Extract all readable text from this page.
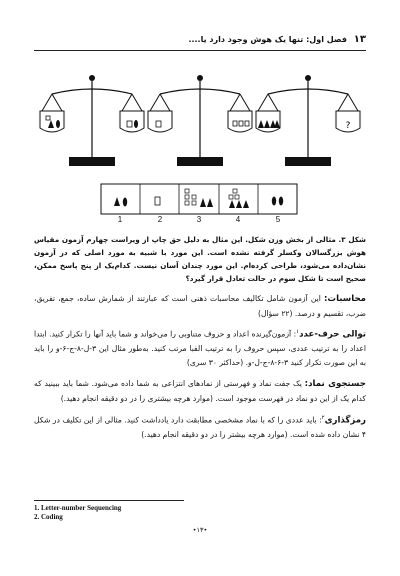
۱۳ فصل اول: تنها یک هوش وجود دارد یا....
?
1	2	3	4	5
شکل ۳. مثالی از بخش وزن شکل. این مثال به دلیل حق چاپ از ویراست چهارم آزمون مقیاس هوش بزرگسالان وکسلر گرفته نشده است. این مورد با شبیه به مورد اصلی که در آزمون نشان‌داده می‌شود، طراحی کرده‌ام. این مورد چندان آسان نیست. کدام‌یک از پنج پاسخ ممکن، صحیح است تا شکل سوم در حالت تعادل قرار گیرد؟
محاسبات: این آزمون شامل تکالیف محاسبات ذهنی است که عبارتند از شمارش ساده، جمع، تفریق، ضرب، تقسیم و درصد. (۲۲ سؤال)
توالی حرف-عدد$^۱$: آزمون‌گیرنده اعداد و حروف متناوبی را می‌خواند و شما باید آنها را تکرار کنید. ابتدا اعداد را به ترتیب عددی، سپس حروف را به ترتیب الفبا مرتب کنید. به‌طور مثال این ۳-ل-۸-ج-۶-و را باید به این صورت تکرار کنید ۳-۶-۸-ج-ل-و. (حداکثر ۳۰ سری)
جستجوی نماد: یک جفت نماد و فهرستی از نمادهای انتزاعی به شما داده می‌شود. شما باید ببینید که کدام یک از این دو نماد در فهرست موجود است. (موارد هرچه بیشتری را در دو دقیقه انجام دهید.)
رمزگذاری$^۲$: باید عددی را که با نماد مشخصی مطابقت دارد یادداشت کنید. مثالی از این تکلیف در شکل ۴ نشان داده شده است. (موارد هرچه بیشتر را در دو دقیقه انجام دهید.)
1. Letter-number Sequencing
2. Coding
•۱۳•
